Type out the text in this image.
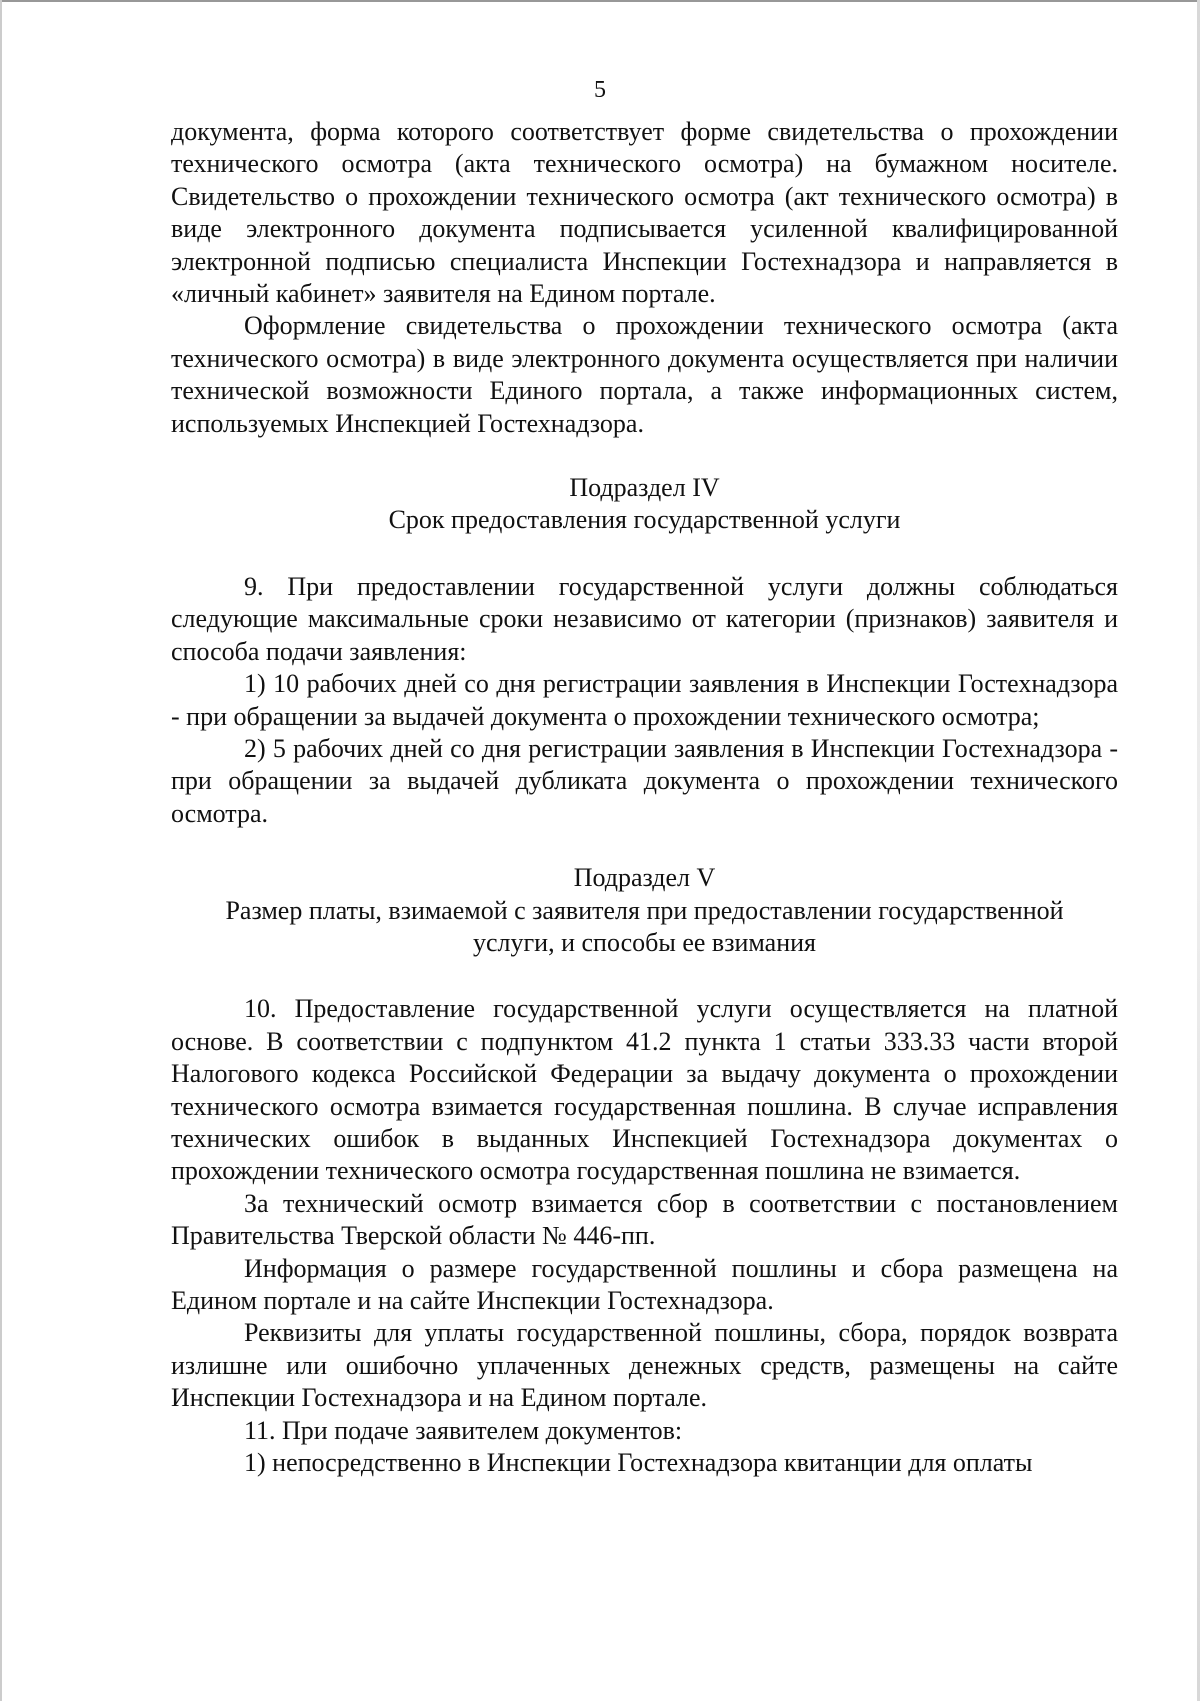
5

документа, форма которого соответствует форме свидетельства о прохождении технического осмотра (акта технического осмотра) на бумажном носителе. Свидетельство о прохождении технического осмотра (акт технического осмотра) в виде электронного документа подписывается усиленной квалифицированной электронной подписью специалиста Инспекции Гостехнадзора и направляется в «личный кабинет» заявителя на Едином портале.

Оформление свидетельства о прохождении технического осмотра (акта технического осмотра) в виде электронного документа осуществляется при наличии технической возможности Единого портала, а также информационных систем, используемых Инспекцией Гостехнадзора.

Подраздел IV

Срок предоставления государственной услуги

9. При предоставлении государственной услуги должны соблюдаться следующие максимальные сроки независимо от категории (признаков) заявителя и способа подачи заявления:

1) 10 рабочих дней со дня регистрации заявления в Инспекции Гостехнадзора - при обращении за выдачей документа о прохождении технического осмотра;

2) 5 рабочих дней со дня регистрации заявления в Инспекции Гостехнадзора - при обращении за выдачей дубликата документа о прохождении технического осмотра.

Подраздел V

Размер платы, взимаемой с заявителя при предоставлении государственной

услуги, и способы ее взимания

10. Предоставление государственной услуги осуществляется на платной основе. В соответствии с подпунктом 41.2 пункта 1 статьи 333.33 части второй Налогового кодекса Российской Федерации за выдачу документа о прохождении технического осмотра взимается государственная пошлина. В случае исправления технических ошибок в выданных Инспекцией Гостехнадзора документах о прохождении технического осмотра государственная пошлина не взимается.

За технический осмотр взимается сбор в соответствии с постановлением Правительства Тверской области № 446-пп.

Информация о размере государственной пошлины и сбора размещена на Едином портале и на сайте Инспекции Гостехнадзора.

Реквизиты для уплаты государственной пошлины, сбора, порядок возврата излишне или ошибочно уплаченных денежных средств, размещены на сайте Инспекции Гостехнадзора и на Едином портале.

11. При подаче заявителем документов:

1) непосредственно в Инспекции Гостехнадзора квитанции для оплаты
